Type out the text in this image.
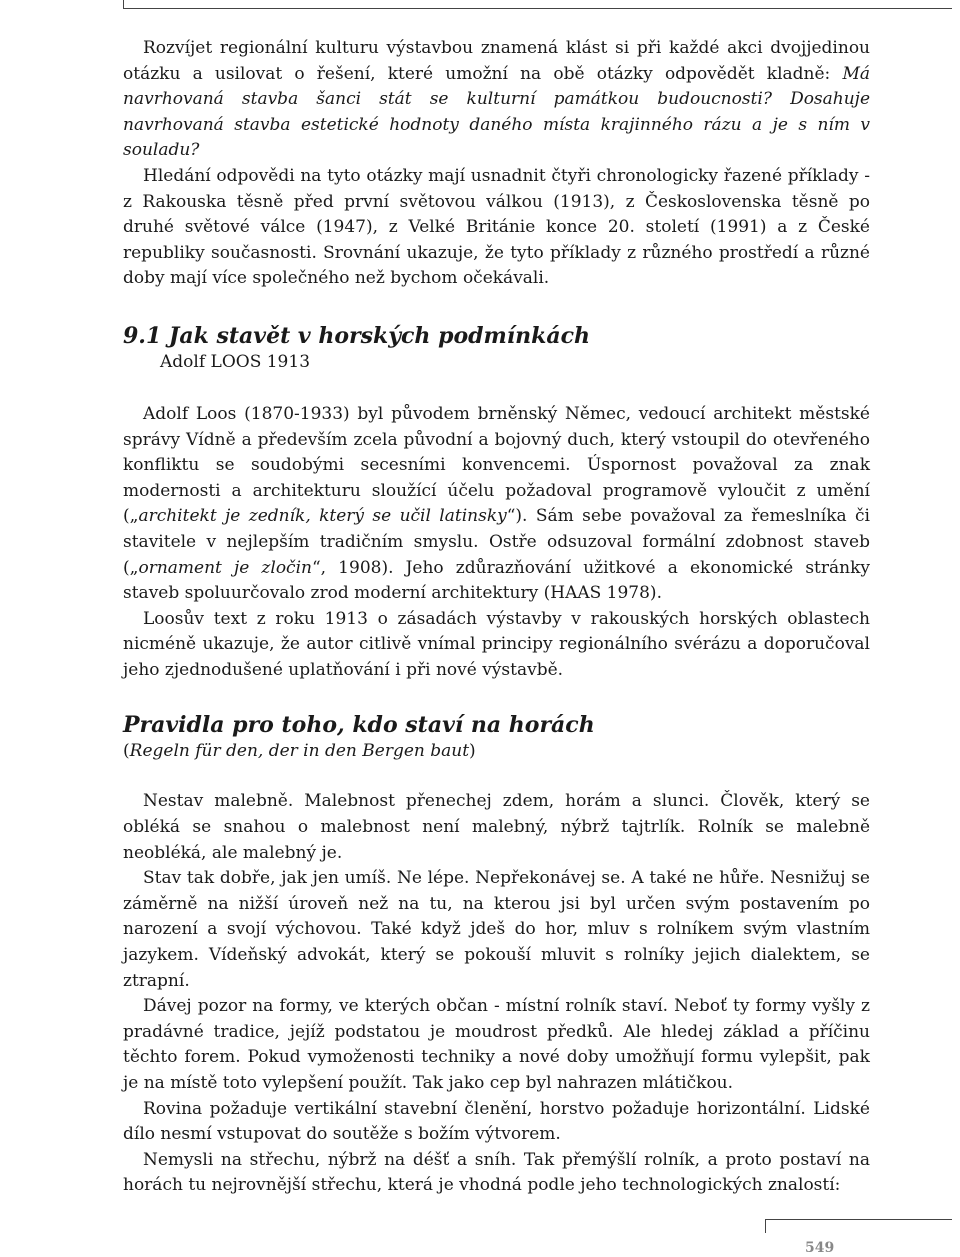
Rozvíjet regionální kulturu výstavbou znamená klást si při každé akci dvojjedinou otázku a usilovat o řešení, které umožní na obě otázky odpovědět kladně: Má navrhovaná stavba šanci stát se kulturní památkou budoucnosti? Dosahuje navrhovaná stavba estetické hodnoty daného místa krajinného rázu a je s ním v souladu?

Hledání odpovědi na tyto otázky mají usnadnit čtyři chronologicky řazené příklady - z Rakouska těsně před první světovou válkou (1913), z Československa těsně po druhé světové válce (1947), z Velké Británie konce 20. století (1991) a z České republiky současnosti. Srovnání ukazuje, že tyto příklady z různého prostředí a různé doby mají více společného než bychom očekávali.

9.1 Jak stavět v horských podmínkách
Adolf LOOS 1913

Adolf Loos (1870-1933) byl původem brněnský Němec, vedoucí architekt městské správy Vídně a především zcela původní a bojovný duch, který vstoupil do otevřeného konfliktu se soudobými secesními konvencemi. Úspornost považoval za znak modernosti a architekturu sloužící účelu požadoval programově vyloučit z umění („architekt je zedník, který se učil latinsky“). Sám sebe považoval za řemeslníka či stavitele v nejlepším tradičním smyslu. Ostře odsuzoval formální zdobnost staveb („ornament je zločin“, 1908). Jeho zdůrazňování užitkové a ekonomické stránky staveb spoluurčovalo zrod moderní architektury (HAAS 1978).

Loosův text z roku 1913 o zásadách výstavby v rakouských horských oblastech nicméně ukazuje, že autor citlivě vnímal principy regionálního svérázu a doporučoval jeho zjednodušené uplatňování i při nové výstavbě.

Pravidla pro toho, kdo staví na horách
(Regeln für den, der in den Bergen baut)

Nestav malebně. Malebnost přenechej zdem, horám a slunci. Člověk, který se obléká se snahou o malebnost není malebný, nýbrž tajtrlík. Rolník se malebně neobléká, ale malebný je.

Stav tak dobře, jak jen umíš. Ne lépe. Nepřekonávej se. A také ne hůře. Nesnižuj se záměrně na nižší úroveň než na tu, na kterou jsi byl určen svým postavením po narození a svojí výchovou. Také když jdeš do hor, mluv s rolníkem svým vlastním jazykem. Vídeňský advokát, který se pokouší mluvit s rolníky jejich dialektem, se ztrapní.

Dávej pozor na formy, ve kterých občan - místní rolník staví. Neboť ty formy vyšly z pradávné tradice, jejíž podstatou je moudrost předků. Ale hledej základ a příčinu těchto forem. Pokud vymoženosti techniky a nové doby umožňují formu vylepšit, pak je na místě toto vylepšení použít. Tak jako cep byl nahrazen mlátičkou.

Rovina požaduje vertikální stavební členění, horstvo požaduje horizontální. Lidské dílo nesmí vstupovat do soutěže s božím výtvorem.

Nemysli na střechu, nýbrž na déšť a sníh. Tak přemýšlí rolník, a proto postaví na horách tu nejrovnější střechu, která je vhodná podle jeho technologických znalostí:

549
